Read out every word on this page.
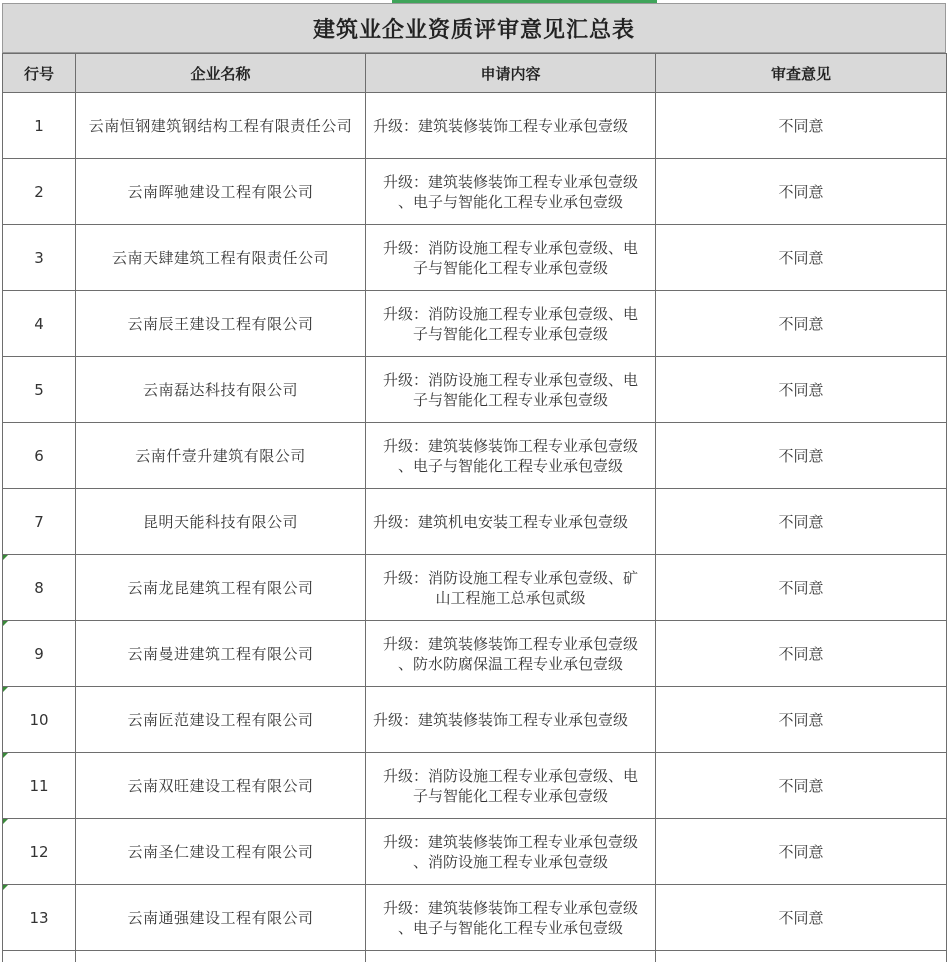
建筑业企业资质评审意见汇总表
行号	企业名称	申请内容	审查意见
1	云南恒钢建筑钢结构工程有限责任公司	升级：建筑装修装饰工程专业承包壹级	不同意
2	云南晖驰建设工程有限公司	升级：建筑装修装饰工程专业承包壹级
、电子与智能化工程专业承包壹级	不同意
3	云南天肆建筑工程有限责任公司	升级：消防设施工程专业承包壹级、电
子与智能化工程专业承包壹级	不同意
4	云南辰王建设工程有限公司	升级：消防设施工程专业承包壹级、电
子与智能化工程专业承包壹级	不同意
5	云南磊达科技有限公司	升级：消防设施工程专业承包壹级、电
子与智能化工程专业承包壹级	不同意
6	云南仟壹升建筑有限公司	升级：建筑装修装饰工程专业承包壹级
、电子与智能化工程专业承包壹级	不同意
7	昆明天能科技有限公司	升级：建筑机电安装工程专业承包壹级	不同意

8	云南龙昆建筑工程有限公司	升级：消防设施工程专业承包壹级、矿
山工程施工总承包贰级	不同意

9	云南曼进建筑工程有限公司	升级：建筑装修装饰工程专业承包壹级
、防水防腐保温工程专业承包壹级	不同意

10	云南匠范建设工程有限公司	升级：建筑装修装饰工程专业承包壹级	不同意

11	云南双旺建设工程有限公司	升级：消防设施工程专业承包壹级、电
子与智能化工程专业承包壹级	不同意

12	云南圣仁建设工程有限公司	升级：建筑装修装饰工程专业承包壹级
、消防设施工程专业承包壹级	不同意

13	云南通强建设工程有限公司	升级：建筑装修装饰工程专业承包壹级
、电子与智能化工程专业承包壹级	不同意
